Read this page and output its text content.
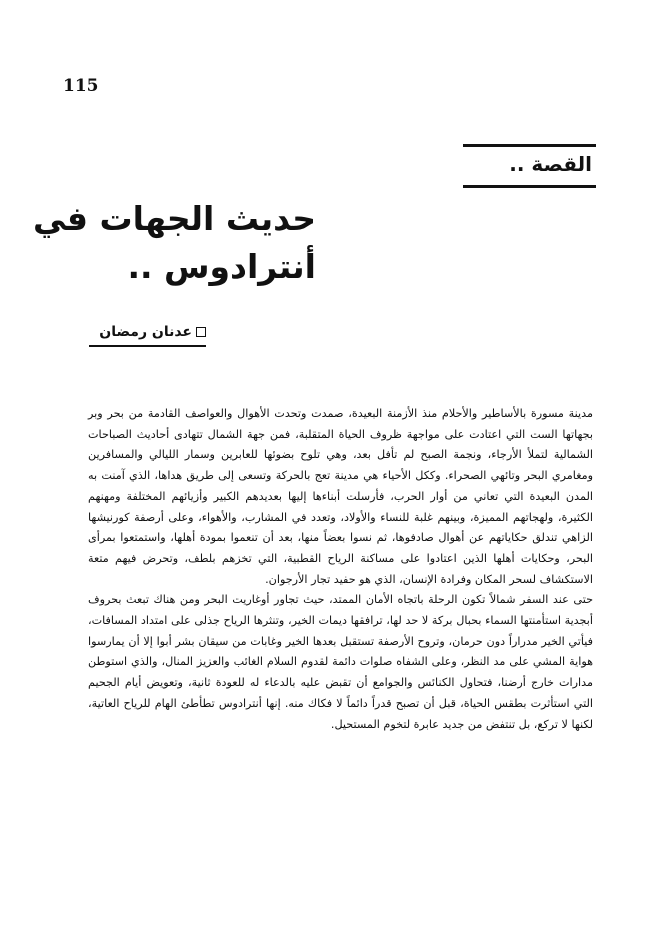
115
القصة ..
حديث الجهات في
أنترادوس ..
عدنان رمضان

مدينة مسورة بالأساطير والأحلام منذ الأزمنة البعيدة، صمدت وتحدت الأهوال والعواصف القادمة من بحر وبر بجهاتها الست التي اعتادت على مواجهة ظروف الحياة المتقلبة، فمن جهة الشمال تتهادى أحاديث الصباحات الشمالية لتملأ الأرجاء، ونجمة الصبح لم تأفل بعد، وهي تلوح بضوئها للعابرين وسمار الليالي والمسافرين ومغامري البحر وتائهي الصحراء. وككل الأحياء هي مدينة تعج بالحركة وتسعى إلى طريق هداها، الذي آمنت به المدن البعيدة التي تعاني من أوار الحرب، فأرسلت أبناءها إليها بعديدهم الكبير وأزيائهم المختلفة ومهنهم الكثيرة، ولهجاتهم المميزة، وبينهم غلبة للنساء والأولاد، وتعدد في المشارب، والأهواء، وعلى أرصفة كورنيشها الزاهي تندلق حكاياتهم عن أهوال صادفوها، ثم نسوا بعضاً منها، بعد أن تنعموا بمودة أهلها، واستمتعوا بمرأى البحر، وحكايات أهلها الذين اعتادوا على مساكنة الرياح القطبية، التي تخزهم بلطف، وتحرض فيهم متعة الاستكشاف لسحر المكان وفرادة الإنسان، الذي هو حفيد تجار الأرجوان.

حتى عند السفر شمالاً تكون الرحلة باتجاه الأمان الممتد، حيث تجاور أوغاريت البحر ومن هناك تبعث بحروف أبجدية استأمنتها السماء بحبال بركة لا حد لها، ترافقها ديمات الخير، وتنثرها الرياح جذلى على امتداد المسافات، فيأتي الخير مدراراً دون حرمان، وتروح الأرصفة تستقبل بعدها الخير وغابات من سيقان بشر أبوا إلا أن يمارسوا هواية المشي على مد النظر، وعلى الشفاه صلوات دائمة لقدوم السلام الغائب والعزيز المنال، والذي استوطن مدارات خارج أرضنا، فتحاول الكنائس والجوامع أن تقبض عليه بالدعاء له للعودة ثانية، وتعويض أيام الجحيم التي استأثرت بطقس الحياة، قبل أن تصبح قدراً دائماً لا فكاك منه. إنها أنترادوس تطأطئ الهام للرياح العاتية، لكنها لا تركع، بل تنتفض من جديد عابرة لتخوم المستحيل.
